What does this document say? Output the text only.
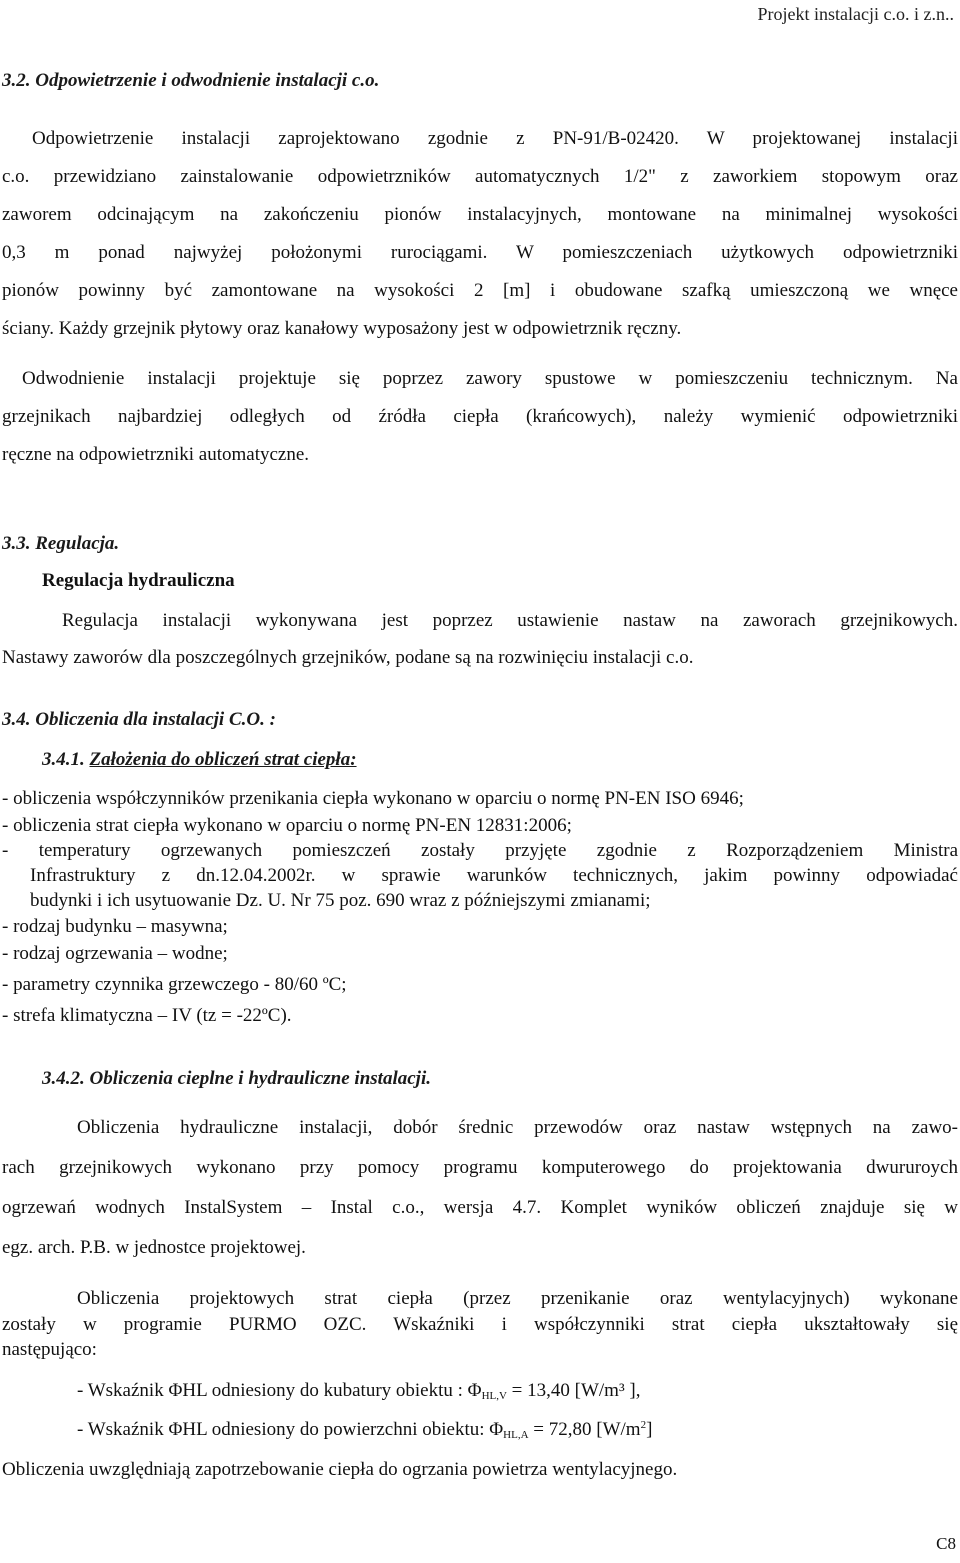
Projekt instalacji c.o. i z.n..
3.2. Odpowietrzenie i odwodnienie instalacji c.o.
Odpowietrzenie instalacji zaprojektowano zgodnie z PN-91/B-02420. W projektowanej instalacji
c.o. przewidziano zainstalowanie odpowietrzników automatycznych 1/2" z zaworkiem stopowym oraz
zaworem odcinającym na zakończeniu pionów instalacyjnych, montowane na minimalnej wysokości
0,3 m ponad najwyżej położonymi rurociągami. W pomieszczeniach użytkowych odpowietrzniki
pionów powinny być zamontowane na wysokości 2 [m] i obudowane szafką umieszczoną we wnęce
ściany. Każdy grzejnik płytowy oraz kanałowy wyposażony jest w odpowietrznik ręczny.
Odwodnienie instalacji projektuje się poprzez zawory spustowe w pomieszczeniu technicznym. Na
grzejnikach najbardziej odległych od źródła ciepła (krańcowych), należy wymienić odpowietrzniki
ręczne na odpowietrzniki automatyczne.
3.3. Regulacja.
Regulacja hydrauliczna
Regulacja instalacji wykonywana jest poprzez ustawienie nastaw na zaworach grzejnikowych.
Nastawy zaworów dla poszczególnych grzejników, podane są na rozwinięciu instalacji c.o.
3.4. Obliczenia dla instalacji C.O. :
3.4.1. Założenia do obliczeń strat ciepła:
- obliczenia współczynników przenikania ciepła wykonano w oparciu o normę PN-EN ISO 6946;
- obliczenia strat ciepła wykonano w oparciu o normę PN-EN 12831:2006;
- temperatury ogrzewanych pomieszczeń zostały przyjęte zgodnie z Rozporządzeniem Ministra
Infrastruktury z dn.12.04.2002r. w sprawie warunków technicznych, jakim powinny odpowiadać
budynki i ich usytuowanie Dz. U. Nr 75 poz. 690 wraz z późniejszymi zmianami;
- rodzaj budynku – masywna;
- rodzaj ogrzewania – wodne;
- parametry czynnika grzewczego - 80/60 ºC;
- strefa klimatyczna – IV (tz = -22ºC).
3.4.2. Obliczenia cieplne i hydrauliczne instalacji.
Obliczenia hydrauliczne instalacji, dobór średnic przewodów oraz nastaw wstępnych na zawo-
rach grzejnikowych wykonano przy pomocy programu komputerowego do projektowania dwururoych
ogrzewań wodnych InstalSystem – Instal c.o., wersja 4.7. Komplet wyników obliczeń znajduje się w
egz. arch. P.B. w jednostce projektowej.
Obliczenia projektowych strat ciepła (przez przenikanie oraz wentylacyjnych) wykonane
zostały w programie PURMO OZC. Wskaźniki i współczynniki strat ciepła ukształtowały się
następująco:
- Wskaźnik ΦHL odniesiony do kubatury obiektu : $\Phi_{HL,V} = 13,40$ [W/m³ ],
- Wskaźnik ΦHL odniesiony do powierzchni obiektu: $\Phi_{HL,A} = 72,80$ $[W/m^2]$
Obliczenia uwzględniają zapotrzebowanie ciepła do ogrzania powietrza wentylacyjnego.
C8
